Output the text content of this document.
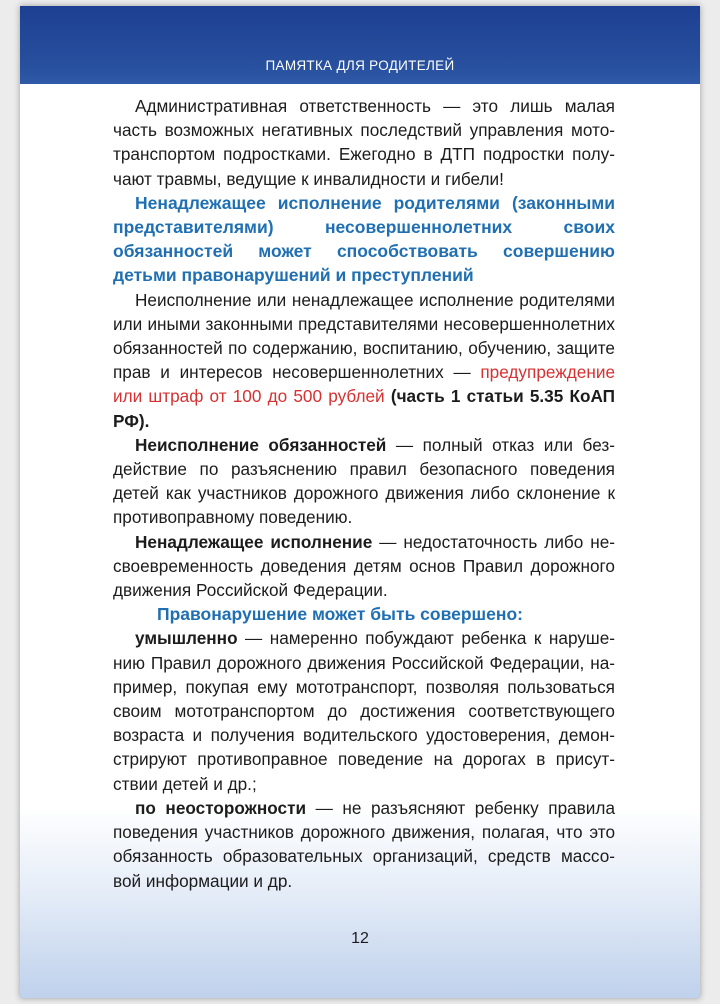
ПАМЯТКА ДЛЯ РОДИТЕЛЕЙ

Административная ответственность — это лишь малая часть возможных негативных последствий управления мототранспортом подростками. Ежегодно в ДТП подростки получают травмы, ведущие к инвалидности и гибели!

Ненадлежащее исполнение родителями (законными представителями) несовершеннолетних своих обязанностей может способствовать совершению детьми правонарушений и преступлений

Неисполнение или ненадлежащее исполнение родителями или иными законными представителями несовершеннолетних обязанностей по содержанию, воспитанию, обучению, защите прав и интересов несовершеннолетних — предупреждение или штраф от 100 до 500 рублей (часть 1 статьи 5.35 КоАП РФ).

Неисполнение обязанностей — полный отказ или бездействие по разъяснению правил безопасного поведения детей как участников дорожного движения либо склонение к противоправному поведению.

Ненадлежащее исполнение — недостаточность либо несвоевременность доведения детям основ Правил дорожного движения Российской Федерации.

Правонарушение может быть совершено:

умышленно — намеренно побуждают ребенка к нарушению Правил дорожного движения Российской Федерации, например, покупая ему мототранспорт, позволяя пользоваться своим мототранспортом до достижения соответствующего возраста и получения водительского удостоверения, демонстрируют противоправное поведение на дорогах в присутствии детей и др.;

по неосторожности — не разъясняют ребенку правила поведения участников дорожного движения, полагая, что это обязанность образовательных организаций, средств массовой информации и др.

12
